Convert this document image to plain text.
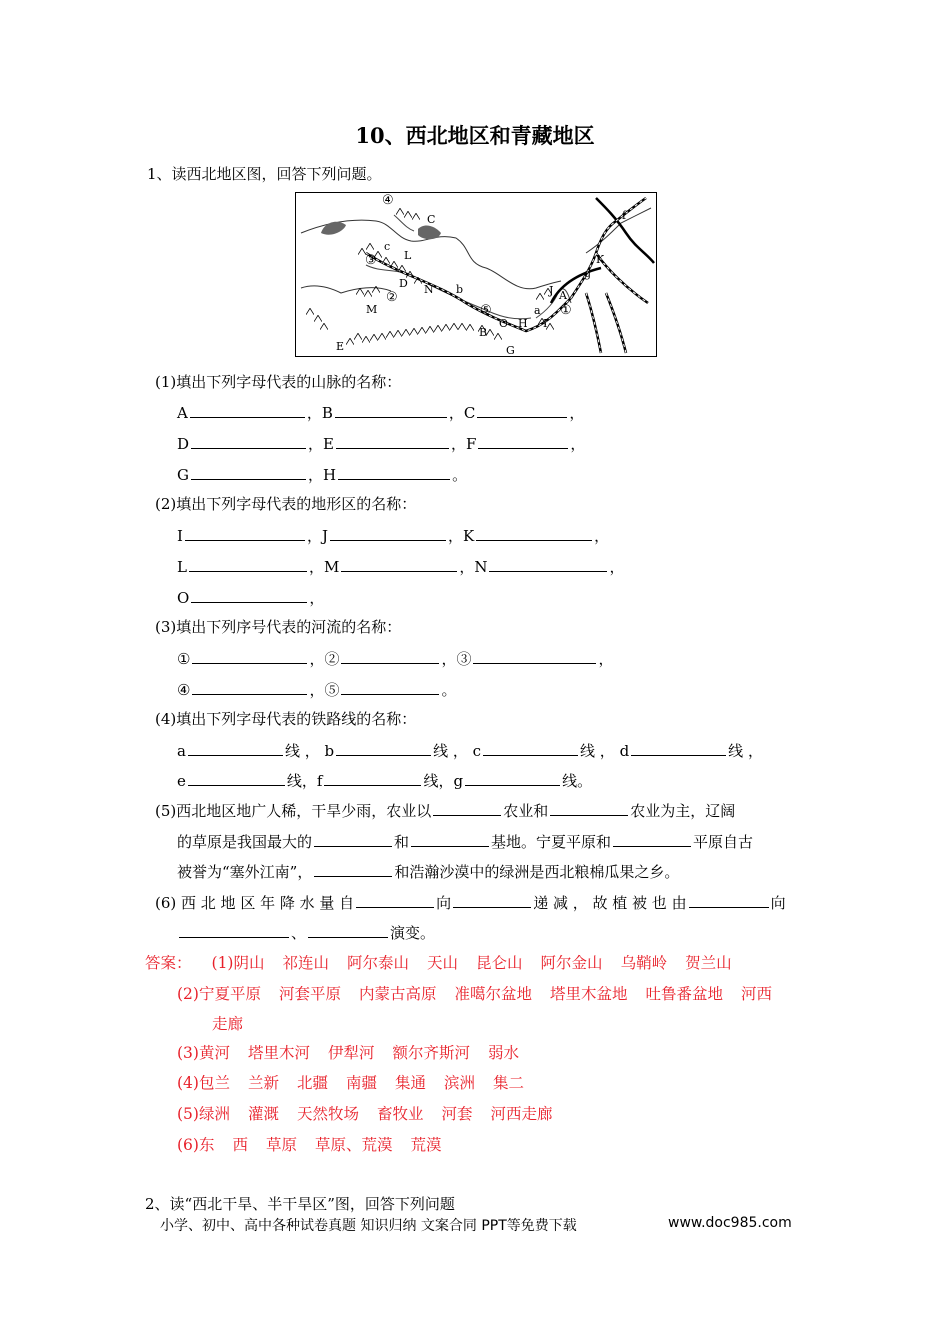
10、西北地区和青藏地区
1、读西北地区图，回答下列问题。
④
C
c
L
③
D N b
②
M	⑤
O
B
G
E
J A
a
I
H
①
g
K
f
(1)填出下列字母代表的山脉的名称：
A	，B	，C	，
D	，E	，F	，
G	，H	。
(2)填出下列字母代表的地形区的名称：
I	，J	，K	，
L	，M	，N	，
O	，
(3)填出下列序号代表的河流的名称：
①	，②	，③	，
④	，⑤	。
(4)填出下列字母代表的铁路线的名称：
a	线 ， b	线 ， c	线 ， d	线 ，
e	线，f	线，g	线。
(5)西北地区地广人稀，干旱少雨，农业以	农业和	农业为主，辽阔
的草原是我国最大的	和	基地。宁夏平原和	平原自古
被誉为“塞外江南”，	和浩瀚沙漠中的绿洲是西北粮棉瓜果之乡。
(6) 西 北 地 区 年 降 水 量 自	向	递 减 ， 故 植 被 也 由	向
、	演变。
答案： (1)阴山 祁连山 阿尔泰山 天山 昆仑山 阿尔金山 乌鞘岭 贺兰山
(2)宁夏平原 河套平原 内蒙古高原 准噶尔盆地 塔里木盆地 吐鲁番盆地 河西
走廊
(3)黄河 塔里木河 伊犁河 额尔齐斯河 弱水
(4)包兰 兰新 北疆 南疆 集通 滨洲 集二
(5)绿洲 灌溉 天然牧场 畜牧业 河套 河西走廊
(6)东 西 草原 草原、荒漠 荒漠
2、读“西北干旱、半干旱区”图，回答下列问题
小学、初中、高中各种试卷真题 知识归纳 文案合同 PPT等免费下载	www.doc985.com
